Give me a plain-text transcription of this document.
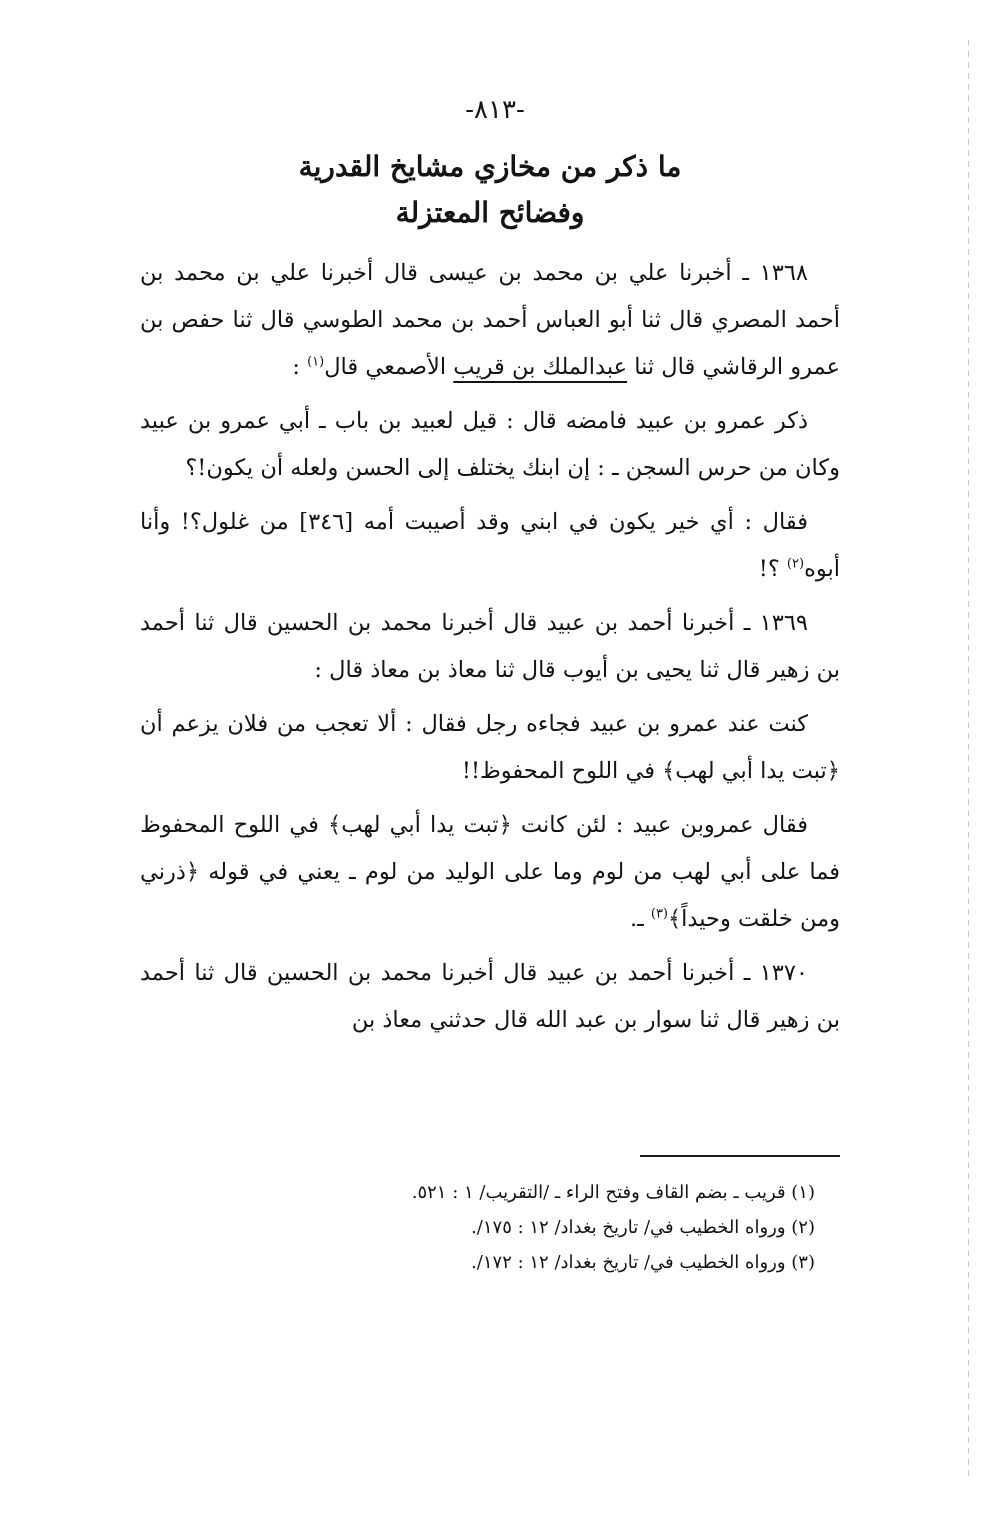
-٨١٣-
ما ذكر من مخازي مشايخ القدرية
وفضائح المعتزلة

١٣٦٨ ـ أخبرنا علي بن محمد بن عيسى قال أخبرنا علي بن محمد بن أحمد المصري قال ثنا أبو العباس أحمد بن محمد الطوسي قال ثنا حفص بن عمرو الرقاشي قال ثنا عبدالملك بن قريب الأصمعي قال$^{(١)}$ :

ذكر عمرو بن عبيد فامضه قال : قيل لعبيد بن باب ـ أبي عمرو بن عبيد وكان من حرس السجن ـ : إن ابنك يختلف إلى الحسن ولعله أن يكون!؟

فقال : أي خير يكون في ابني وقد أصيبت أمه [٣٤٦] من غلول؟! وأنا أبوه$^{(٢)}$ ؟!

١٣٦٩ ـ أخبرنا أحمد بن عبيد قال أخبرنا محمد بن الحسين قال ثنا أحمد بن زهير قال ثنا يحيى بن أيوب قال ثنا معاذ بن معاذ قال :

كنت عند عمرو بن عبيد فجاءه رجل فقال : ألا تعجب من فلان يزعم أن ﴿تبت يدا أبي لهب﴾ في اللوح المحفوظ!!

فقال عمروبن عبيد : لئن كانت ﴿تبت يدا أبي لهب﴾ في اللوح المحفوظ فما على أبي لهب من لوم وما على الوليد من لوم ـ يعني في قوله ﴿ذرني ومن خلقت وحيداً﴾$^{(٣)}$ ـ.

١٣٧٠ ـ أخبرنا أحمد بن عبيد قال أخبرنا محمد بن الحسين قال ثنا أحمد بن زهير قال ثنا سوار بن عبد الله قال حدثني معاذ بن

(١) قريب ـ بضم القاف وفتح الراء ـ /التقريب/ ١ : ٥٢١.
(٢) ورواه الخطيب في/ تاريخ بغداد/ ١٢ : ١٧٥/.
(٣) ورواه الخطيب في/ تاريخ بغداد/ ١٢ : ١٧٢/.
